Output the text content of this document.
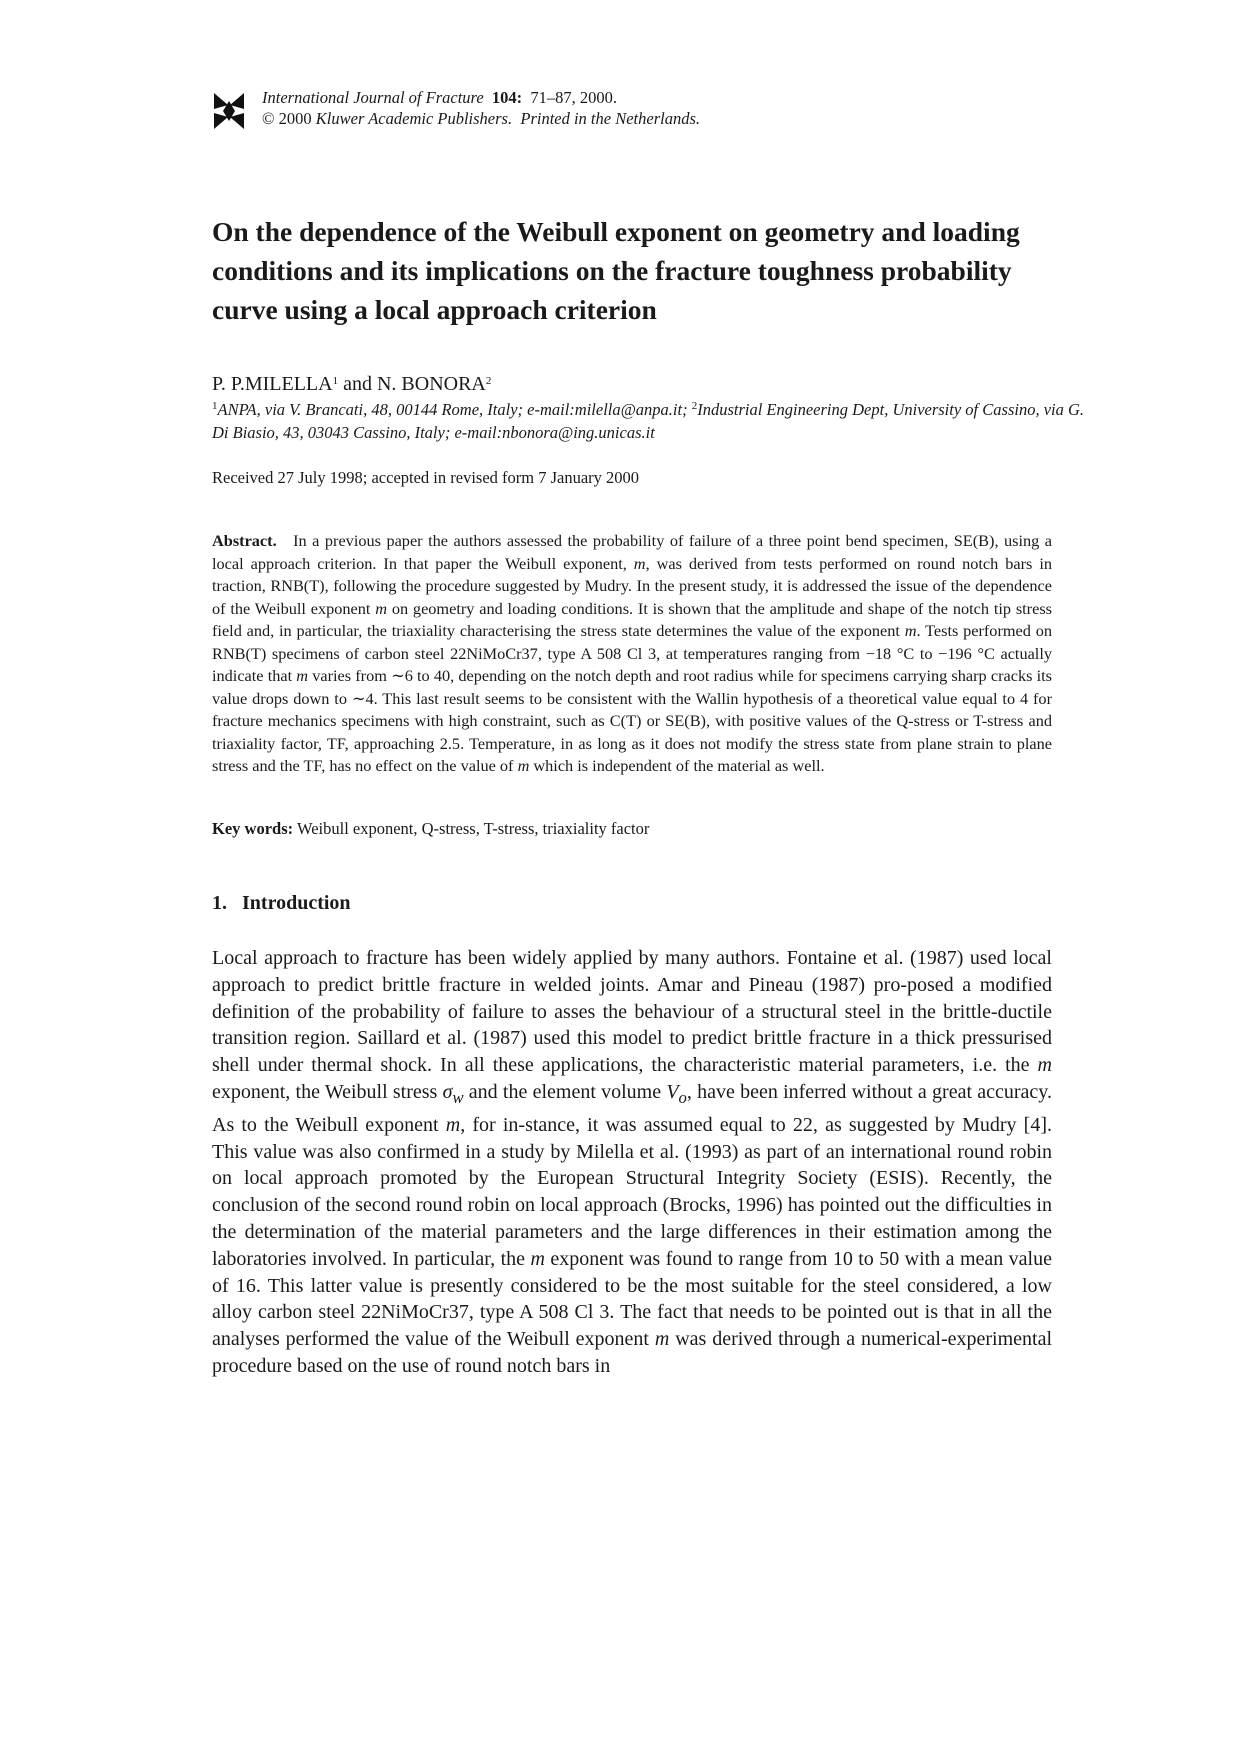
International Journal of Fracture 104: 71–87, 2000.
© 2000 Kluwer Academic Publishers. Printed in the Netherlands.
On the dependence of the Weibull exponent on geometry and loading conditions and its implications on the fracture toughness probability curve using a local approach criterion
P. P.MILELLA$^1$ and N. BONORA$^2$
$^1$ANPA, via V. Brancati, 48, 00144 Rome, Italy; e-mail:milella@anpa.it; $^2$Industrial Engineering Dept, University of Cassino, via G. Di Biasio, 43, 03043 Cassino, Italy; e-mail:nbonora@ing.unicas.it
Received 27 July 1998; accepted in revised form 7 January 2000
Abstract. In a previous paper the authors assessed the probability of failure of a three point bend specimen, SE(B), using a local approach criterion. In that paper the Weibull exponent, m, was derived from tests performed on round notch bars in traction, RNB(T), following the procedure suggested by Mudry. In the present study, it is addressed the issue of the dependence of the Weibull exponent m on geometry and loading conditions. It is shown that the amplitude and shape of the notch tip stress field and, in particular, the triaxiality characterising the stress state determines the value of the exponent m. Tests performed on RNB(T) specimens of carbon steel 22NiMoCr37, type A 508 Cl 3, at temperatures ranging from −18 °C to −196 °C actually indicate that m varies from ∼6 to 40, depending on the notch depth and root radius while for specimens carrying sharp cracks its value drops down to ∼4. This last result seems to be consistent with the Wallin hypothesis of a theoretical value equal to 4 for fracture mechanics specimens with high constraint, such as C(T) or SE(B), with positive values of the Q-stress or T-stress and triaxiality factor, TF, approaching 2.5. Temperature, in as long as it does not modify the stress state from plane strain to plane stress and the TF, has no effect on the value of m which is independent of the material as well.
Key words: Weibull exponent, Q-stress, T-stress, triaxiality factor
1. Introduction
Local approach to fracture has been widely applied by many authors. Fontaine et al. (1987) used local approach to predict brittle fracture in welded joints. Amar and Pineau (1987) pro-posed a modified definition of the probability of failure to asses the behaviour of a structural steel in the brittle-ductile transition region. Saillard et al. (1987) used this model to predict brittle fracture in a thick pressurised shell under thermal shock. In all these applications, the characteristic material parameters, i.e. the m exponent, the Weibull stress $\sigma_w$ and the element volume $V_o$, have been inferred without a great accuracy. As to the Weibull exponent m, for in-stance, it was assumed equal to 22, as suggested by Mudry [4]. This value was also confirmed in a study by Milella et al. (1993) as part of an international round robin on local approach promoted by the European Structural Integrity Society (ESIS). Recently, the conclusion of the second round robin on local approach (Brocks, 1996) has pointed out the difficulties in the determination of the material parameters and the large differences in their estimation among the laboratories involved. In particular, the m exponent was found to range from 10 to 50 with a mean value of 16. This latter value is presently considered to be the most suitable for the steel considered, a low alloy carbon steel 22NiMoCr37, type A 508 Cl 3. The fact that needs to be pointed out is that in all the analyses performed the value of the Weibull exponent m was derived through a numerical-experimental procedure based on the use of round notch bars in
